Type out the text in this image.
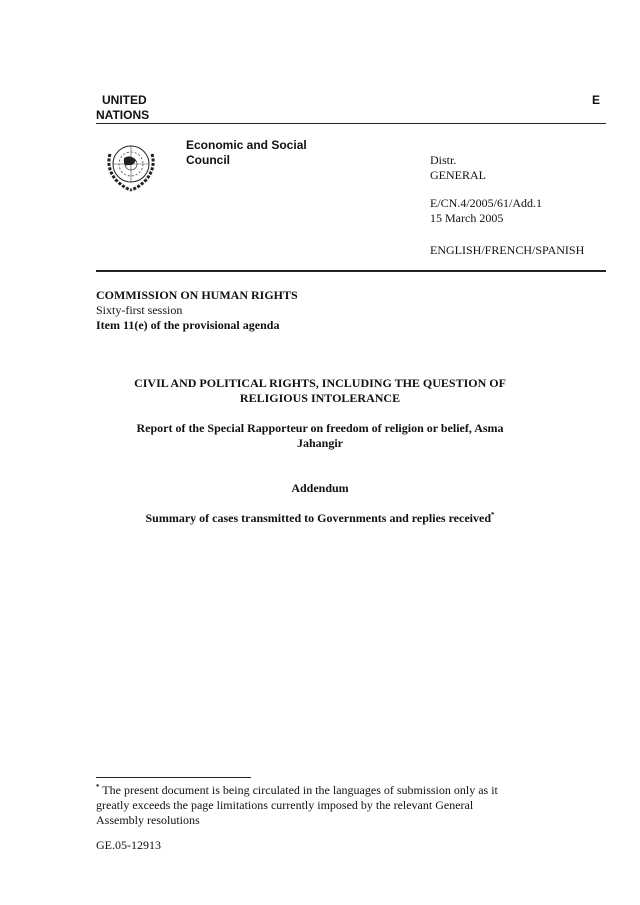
UNITED
NATIONS
E
Economic and Social
Council	Distr.
GENERAL
E/CN.4/2005/61/Add.1
15 March 2005
ENGLISH/FRENCH/SPANISH
COMMISSION ON HUMAN RIGHTS
Sixty-first session
Item 11(e) of the provisional agenda
CIVIL AND POLITICAL RIGHTS, INCLUDING THE QUESTION OF
RELIGIOUS INTOLERANCE
Report of the Special Rapporteur on freedom of religion or belief, Asma
Jahangir
Addendum
Summary of cases transmitted to Governments and replies received*
* The present document is being circulated in the languages of submission only as it
greatly exceeds the page limitations currently imposed by the relevant General
Assembly resolutions
GE.05-12913
